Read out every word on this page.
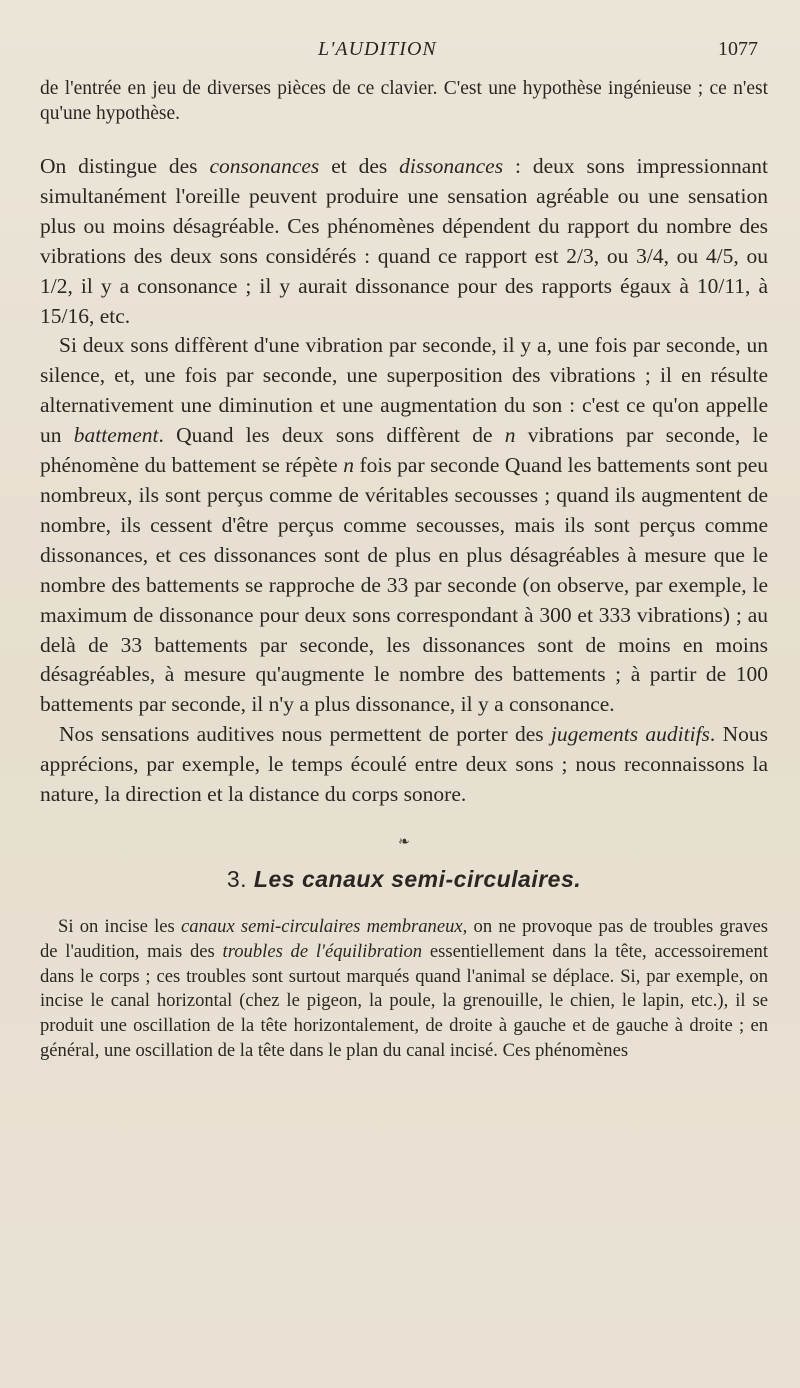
L'AUDITION	1077

de l'entrée en jeu de diverses pièces de ce clavier. C'est une hypothèse ingénieuse ; ce n'est qu'une hypothèse.

On distingue des consonances et des dissonances : deux sons impressionnant simultanément l'oreille peuvent produire une sensation agréable ou une sensation plus ou moins désagréable. Ces phénomènes dépendent du rapport du nombre des vibrations des deux sons considérés : quand ce rapport est 2/3, ou 3/4, ou 4/5, ou 1/2, il y a consonance ; il y aurait dissonance pour des rapports égaux à 10/11, à 15/16, etc.

Si deux sons diffèrent d'une vibration par seconde, il y a, une fois par seconde, un silence, et, une fois par seconde, une superposition des vibrations ; il en résulte alternativement une diminution et une augmentation du son : c'est ce qu'on appelle un battement. Quand les deux sons diffèrent de n vibrations par seconde, le phénomène du battement se répète n fois par seconde Quand les battements sont peu nombreux, ils sont perçus comme de véritables secousses ; quand ils augmentent de nombre, ils cessent d'être perçus comme secousses, mais ils sont perçus comme dissonances, et ces dissonances sont de plus en plus désagréables à mesure que le nombre des battements se rapproche de 33 par seconde (on observe, par exemple, le maximum de dissonance pour deux sons correspondant à 300 et 333 vibrations) ; au delà de 33 battements par seconde, les dissonances sont de moins en moins désagréables, à mesure qu'augmente le nombre des battements ; à partir de 100 battements par seconde, il n'y a plus dissonance, il y a consonance.

Nos sensations auditives nous permettent de porter des jugements auditifs. Nous apprécions, par exemple, le temps écoulé entre deux sons ; nous reconnaissons la nature, la direction et la distance du corps sonore.

❧
3. Les canaux semi-circulaires.

Si on incise les canaux semi-circulaires membraneux, on ne provoque pas de troubles graves de l'audition, mais des troubles de l'équilibration essentiellement dans la tête, accessoirement dans le corps ; ces troubles sont surtout marqués quand l'animal se déplace. Si, par exemple, on incise le canal horizontal (chez le pigeon, la poule, la grenouille, le chien, le lapin, etc.), il se produit une oscillation de la tête horizontalement, de droite à gauche et de gauche à droite ; en général, une oscillation de la tête dans le plan du canal incisé. Ces phénomènes
